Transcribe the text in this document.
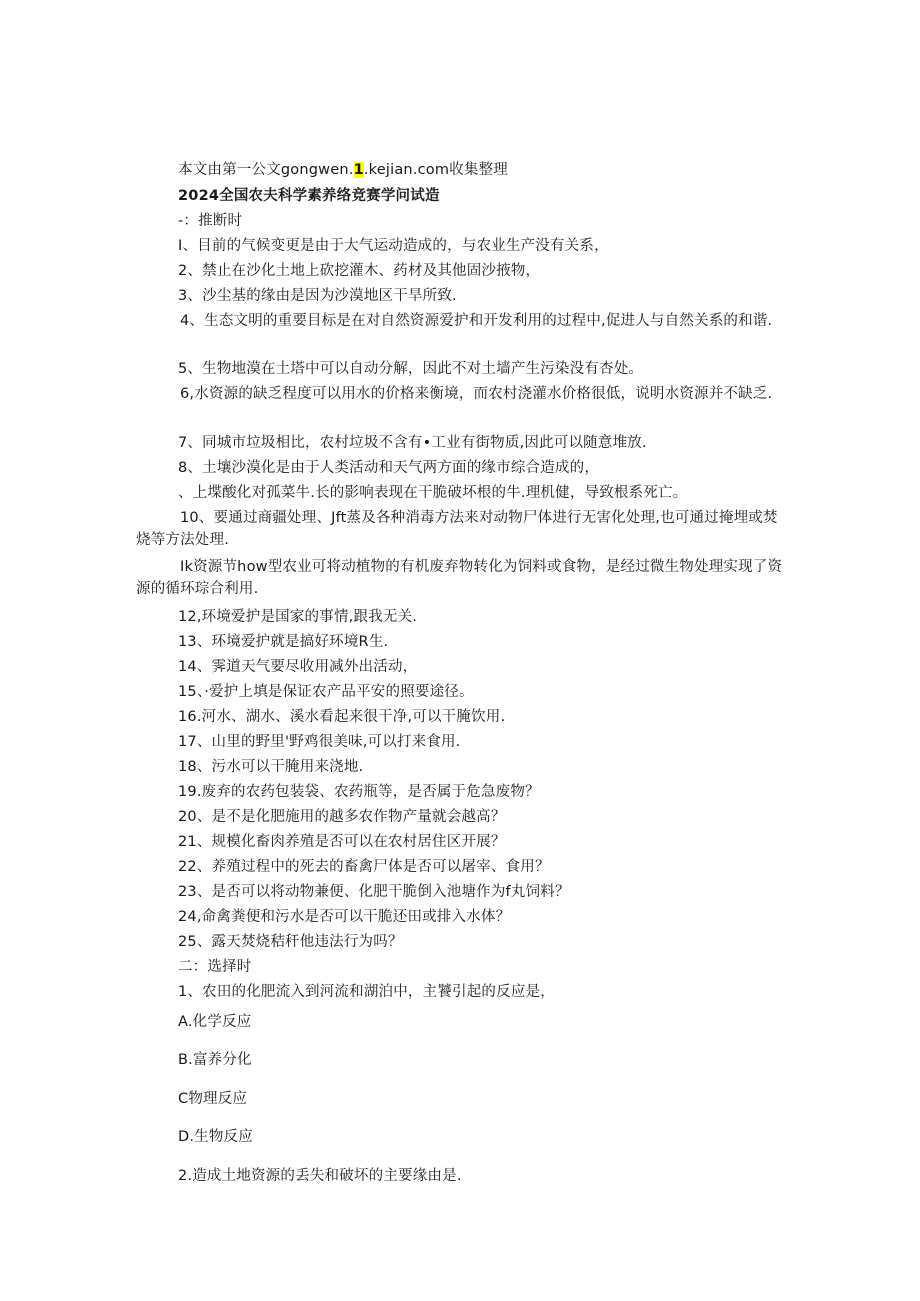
本文由第一公文gongwen.1.kejian.com收集整理
2024全国农夫科学素养络竞赛学问试造
-：推断时
I、目前的气候变更是由于大气运动造成的，与农业生产没有关系，
2、禁止在沙化土地上砍挖灌木、药材及其他固沙掖物，
3、沙尘基的缘由是因为沙漠地区干旱所致.
4、生态文明的重要目标是在对自然资源爱护和开发利用的过程中,促进人与自然关系的和谐.
5、生物地漠在土塔中可以自动分解，因此不对土墙产生污染没有杏处。
6,水资源的缺乏程度可以用水的价格来衡境，而农村浇灌水价格很低，说明水资源并不缺乏.
7、同城市垃圾相比，农村垃圾不含有•工业有街物质,因此可以随意堆放.
8、土壤沙漠化是由于人类活动和天气两方面的缘市综合造成的，
、上堞酸化对孤菜牛.长的影响表现在干脆破坏根的牛.理机健，导致根系死亡。
10、要通过商疆处理、Jft蒸及各种消毒方法来对动物尸体进行无害化处理,也可通过掩埋或焚烧等方法处理.
Ik资源节how型农业可将动植物的有机废弃物转化为饲料或食物，是经过微生物处理实现了资源的循环琮合利用.
12,环境爱护是国家的事情,跟我无关.
13、环境爱护就是搞好环境R生.
14、霁道天气要尽收用减外出活动，
15、·爱护上填是保证农产品平安的照要途径。
16.河水、湖水、溪水看起来很干净,可以干腌饮用.
17、山里的野里'野鸡很美味,可以打来食用.
18、污水可以干腌用来浇地.
19.废弃的农药包装袋、农药瓶等，是否属于危急废物？
20、是不是化肥施用的越多农作物产量就会越高？
21、规模化畜肉养殖是否可以在农村居住区开展？
22、养殖过程中的死去的畜禽尸体是否可以屠宰、食用？
23、是否可以将动物兼便、化肥干脆倒入池塘作为f丸饲料？
24,命禽粪便和污水是否可以干脆还田或排入水体？
25、露天焚烧秸秆他违法行为吗？
二：选择时
1、农田的化肥流入到河流和湖泊中，主饕引起的反应是，
A.化学反应
B.富养分化
C物理反应
D.生物反应
2.造成土地资源的丢失和破坏的主要缘由是.
